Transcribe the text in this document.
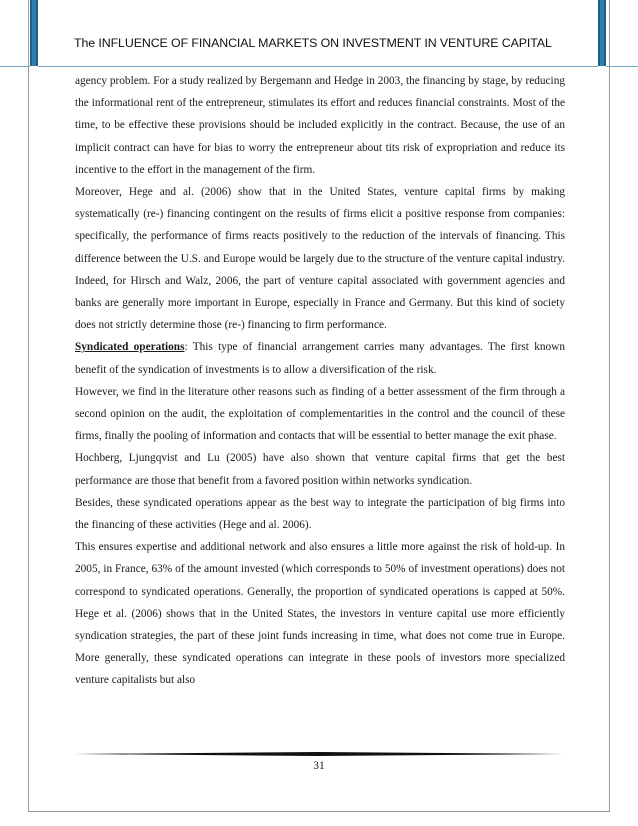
The INFLUENCE OF FINANCIAL MARKETS ON INVESTMENT IN VENTURE CAPITAL

agency problem. For a study realized by Bergemann and Hedge in 2003, the financing by stage, by reducing the informational rent of the entrepreneur, stimulates its effort and reduces financial constraints. Most of the time, to be effective these provisions should be included explicitly in the contract. Because, the use of an implicit contract can have for bias to worry the entrepreneur about tits risk of expropriation and reduce its incentive to the effort in the management of the firm.

Moreover, Hege and al. (2006) show that in the United States, venture capital firms by making systematically (re-) financing contingent on the results of firms elicit a positive response from companies: specifically, the performance of firms reacts positively to the reduction of the intervals of financing. This difference between the U.S. and Europe would be largely due to the structure of the venture capital industry. Indeed, for Hirsch and Walz, 2006, the part of venture capital associated with government agencies and banks are generally more important in Europe, especially in France and Germany. But this kind of society does not strictly determine those (re-) financing to firm performance.

Syndicated operations: This type of financial arrangement carries many advantages. The first known benefit of the syndication of investments is to allow a diversification of the risk.

However, we find in the literature other reasons such as finding of a better assessment of the firm through a second opinion on the audit, the exploitation of complementarities in the control and the council of these firms, finally the pooling of information and contacts that will be essential to better manage the exit phase.

Hochberg, Ljungqvist and Lu (2005) have also shown that venture capital firms that get the best performance are those that benefit from a favored position within networks syndication.

Besides, these syndicated operations appear as the best way to integrate the participation of big firms into the financing of these activities (Hege and al. 2006).

This ensures expertise and additional network and also ensures a little more against the risk of hold-up. In 2005, in France, 63% of the amount invested (which corresponds to 50% of investment operations) does not correspond to syndicated operations. Generally, the proportion of syndicated operations is capped at 50%. Hege et al. (2006) shows that in the United States, the investors in venture capital use more efficiently syndication strategies, the part of these joint funds increasing in time, what does not come true in Europe. More generally, these syndicated operations can integrate in these pools of investors more specialized venture capitalists but also

31
